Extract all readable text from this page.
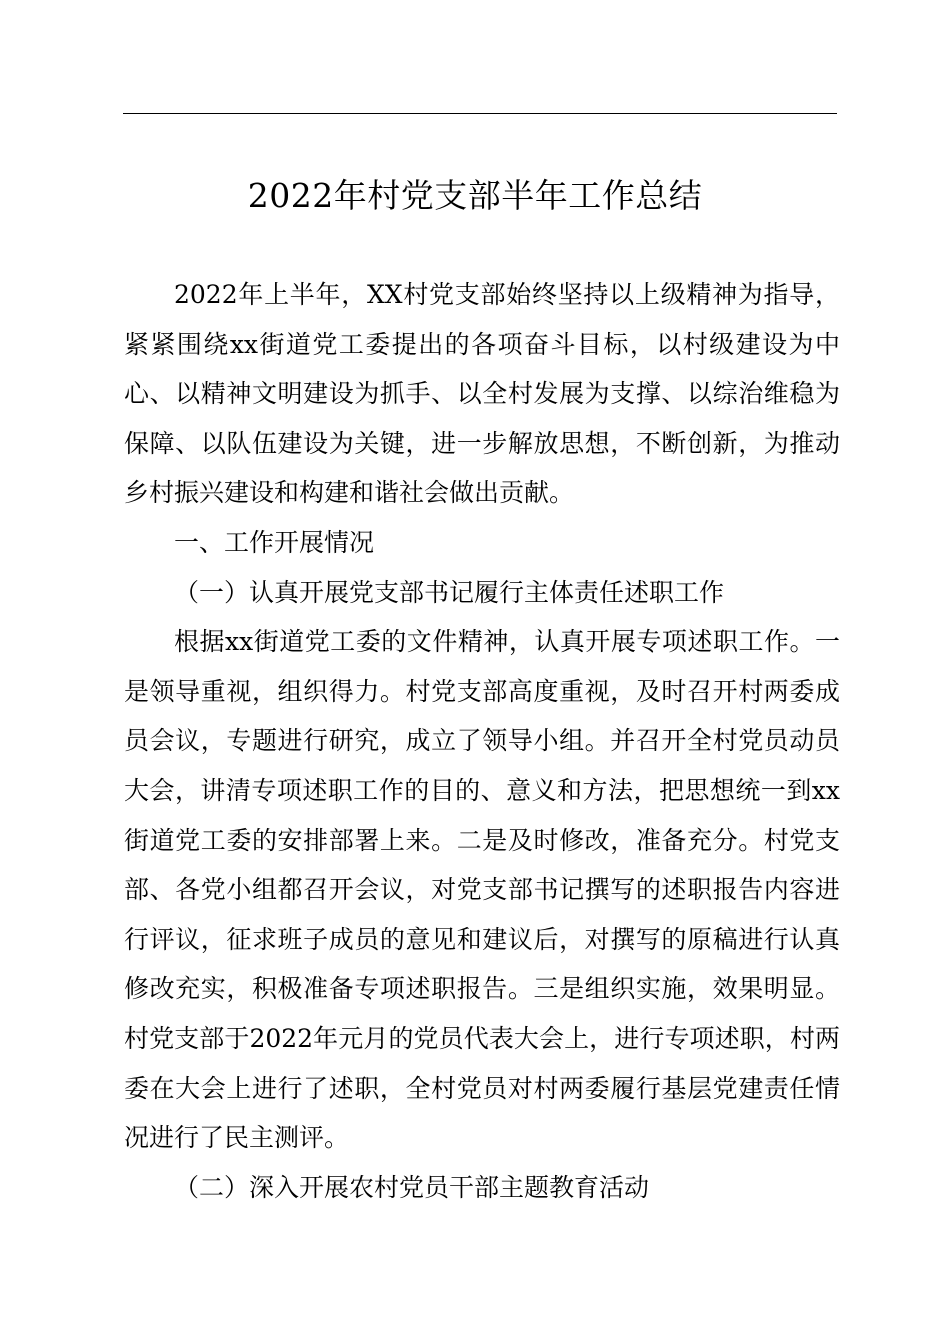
2022年村党支部半年工作总结

2022年上半年，XX村党支部始终坚持以上级精神为指导，紧紧围绕xx街道党工委提出的各项奋斗目标，以村级建设为中心、以精神文明建设为抓手、以全村发展为支撑、以综治维稳为保障、以队伍建设为关键，进一步解放思想，不断创新，为推动乡村振兴建设和构建和谐社会做出贡献。

一、工作开展情况

（一）认真开展党支部书记履行主体责任述职工作

根据xx街道党工委的文件精神，认真开展专项述职工作。一是领导重视，组织得力。村党支部高度重视，及时召开村两委成员会议，专题进行研究，成立了领导小组。并召开全村党员动员大会，讲清专项述职工作的目的、意义和方法，把思想统一到xx街道党工委的安排部署上来。二是及时修改，准备充分。村党支部、各党小组都召开会议，对党支部书记撰写的述职报告内容进行评议，征求班子成员的意见和建议后，对撰写的原稿进行认真修改充实，积极准备专项述职报告。三是组织实施，效果明显。村党支部于2022年元月的党员代表大会上，进行专项述职，村两委在大会上进行了述职，全村党员对村两委履行基层党建责任情况进行了民主测评。

（二）深入开展农村党员干部主题教育活动
